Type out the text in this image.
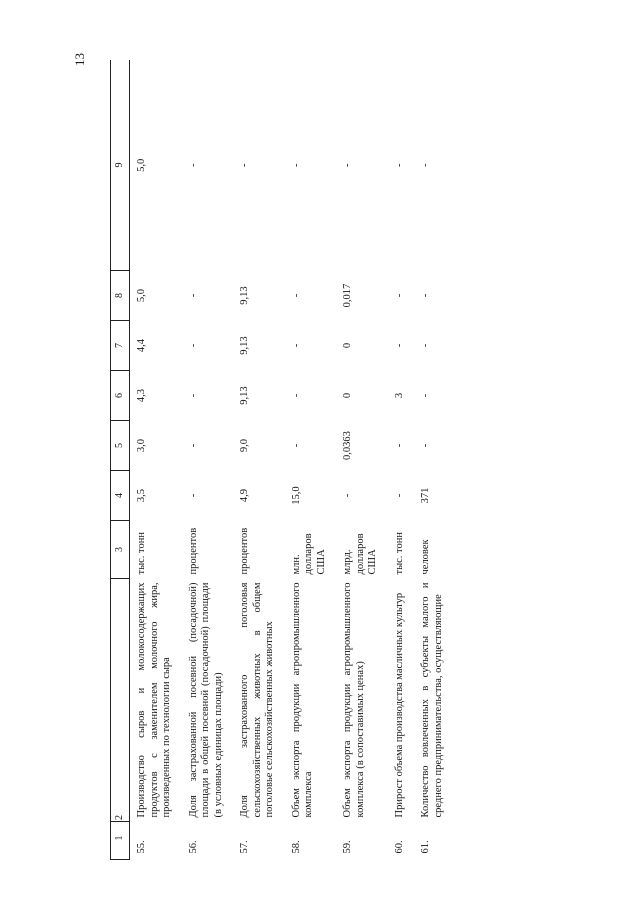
13
1	2	3	4	5	6	7	8	9
55.	Производство сыров и молокосодержащих продуктов с заменителем молочного жира, произведенных по технологии сыра	тыс. тонн	3,5	3,0	4,3	4,4	5,0	5,0
56.	Доля застрахованной посевной (посадочной) площади в общей посевной (посадочной) площади (в условных единицах площади)	процентов	-	-	-	-	-	-
57.	Доля застрахованного поголовья сельскохозяйственных животных в общем поголовье сельскохозяйственных животных	процентов	4,9	9,0	9,13	9,13	9,13	-
58.	Объем экспорта продукции агропромышленного комплекса	млн. долларов США	15,0	-	-	-	-	-
59.	Объем экспорта продукции агропромышленного комплекса (в сопоставимых ценах)	млрд. долларов США	-	0,0363	0	0	0,017	-
60.	Прирост объема производства масличных культур	тыс. тонн	-	-	3	-	-	-
61.	Количество вовлеченных в субъекты малого и среднего предпринимательства, осуществляющие	человек	371	-	-	-	-	-
